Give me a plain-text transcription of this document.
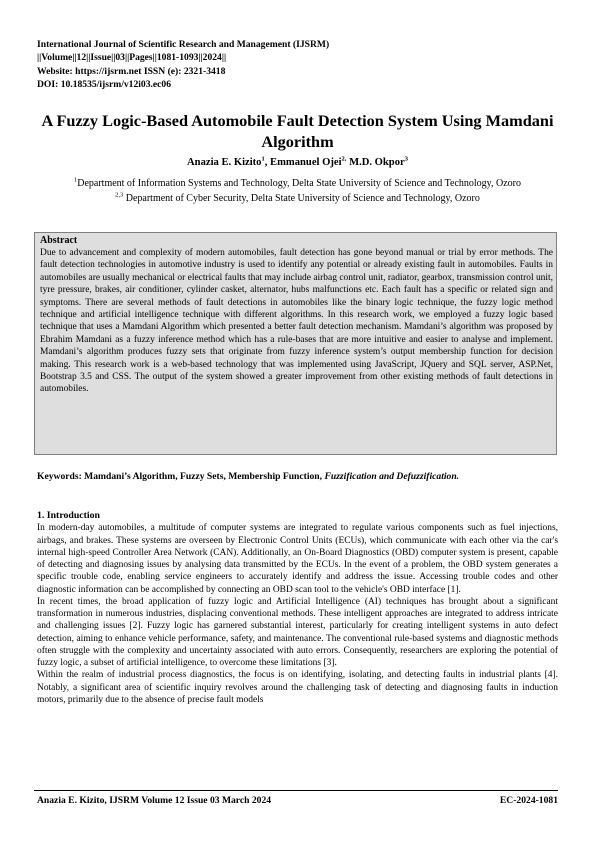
International Journal of Scientific Research and Management (IJSRM)
||Volume||12||Issue||03||Pages||1081-1093||2024||
Website: https://ijsrm.net ISSN (e): 2321-3418
DOI: 10.18535/ijsrm/v12i03.ec06
A Fuzzy Logic-Based Automobile Fault Detection System Using Mamdani Algorithm
Anazia E. Kizito$^1$, Emmanuel Ojei$^{2,}$ M.D. Okpor$^3$
$^1$Department of Information Systems and Technology, Delta State University of Science and Technology, Ozoro
$^{2,3}$ Department of Cyber Security, Delta State University of Science and Technology, Ozoro
Abstract

Due to advancement and complexity of modern automobiles, fault detection has gone beyond manual or trial by error methods. The fault detection technologies in automotive industry is used to identify any potential or already existing fault in automobiles. Faults in automobiles are usually mechanical or electrical faults that may include airbag control unit, radiator, gearbox, transmission control unit, tyre pressure, brakes, air conditioner, cylinder casket, alternator, hubs malfunctions etc. Each fault has a specific or related sign and symptoms. There are several methods of fault detections in automobiles like the binary logic technique, the fuzzy logic method technique and artificial intelligence technique with different algorithms. In this research work, we employed a fuzzy logic based technique that uses a Mamdani Algorithm which presented a better fault detection mechanism. Mamdani’s algorithm was proposed by Ebrahim Mamdani as a fuzzy inference method which has a rule-bases that are more intuitive and easier to analyse and implement. Mamdani’s algorithm produces fuzzy sets that originate from fuzzy inference system’s output membership function for decision making. This research work is a web-based technology that was implemented using JavaScript, JQuery and SQL server, ASP.Net, Bootstrap 3.5 and CSS. The output of the system showed a greater improvement from other existing methods of fault detections in automobiles.

Keywords: Mamdani’s Algorithm, Fuzzy Sets, Membership Function, Fuzzification and Defuzzification.
1. Introduction

In modern-day automobiles, a multitude of computer systems are integrated to regulate various components such as fuel injections, airbags, and brakes. These systems are overseen by Electronic Control Units (ECUs), which communicate with each other via the car's internal high-speed Controller Area Network (CAN). Additionally, an On-Board Diagnostics (OBD) computer system is present, capable of detecting and diagnosing issues by analysing data transmitted by the ECUs. In the event of a problem, the OBD system generates a specific trouble code, enabling service engineers to accurately identify and address the issue. Accessing trouble codes and other diagnostic information can be accomplished by connecting an OBD scan tool to the vehicle's OBD interface [1].

In recent times, the broad application of fuzzy logic and Artificial Intelligence (AI) techniques has brought about a significant transformation in numerous industries, displacing conventional methods. These intelligent approaches are integrated to address intricate and challenging issues [2]. Fuzzy logic has garnered substantial interest, particularly for creating intelligent systems in auto defect detection, aiming to enhance vehicle performance, safety, and maintenance. The conventional rule-based systems and diagnostic methods often struggle with the complexity and uncertainty associated with auto errors. Consequently, researchers are exploring the potential of fuzzy logic, a subset of artificial intelligence, to overcome these limitations [3].

Within the realm of industrial process diagnostics, the focus is on identifying, isolating, and detecting faults in industrial plants [4]. Notably, a significant area of scientific inquiry revolves around the challenging task of detecting and diagnosing faults in induction motors, primarily due to the absence of precise fault models

Anazia E. Kizito, IJSRM Volume 12 Issue 03 March 2024	EC-2024-1081
